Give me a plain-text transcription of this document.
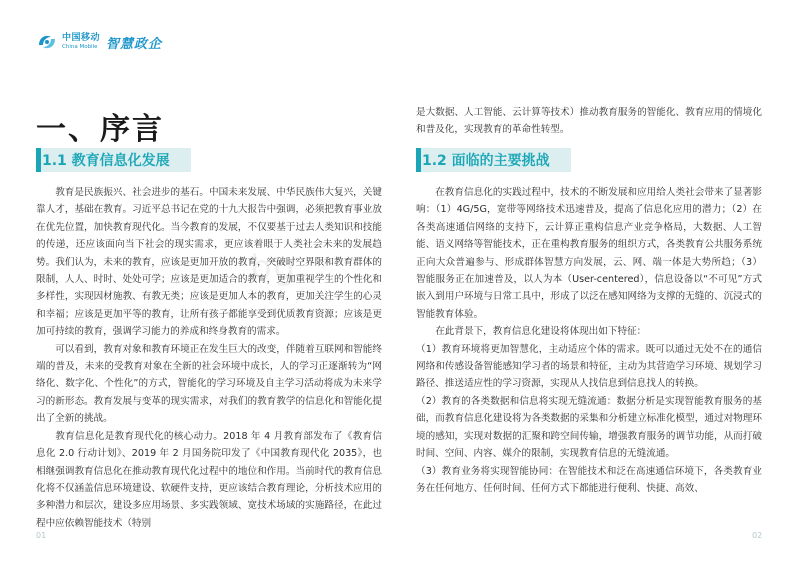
中国移动
China Mobile 智慧政企
bg
一、序言
1.1 教育信息化发展

教育是民族振兴、社会进步的基石。中国未来发展、中华民族伟大复兴，关键靠人才，基础在教育。习近平总书记在党的十九大报告中强调，必须把教育事业放在优先位置，加快教育现代化。当今教育的发展，不仅要基于过去人类知识和技能的传递，还应该面向当下社会的现实需求，更应该着眼于人类社会未来的发展趋势。我们认为，未来的教育，应该是更加开放的教育，突破时空界限和教育群体的限制，人人、时时、处处可学；应该是更加适合的教育，更加重视学生的个性化和多样性，实现因材施教、有教无类；应该是更加人本的教育，更加关注学生的心灵和幸福；应该是更加平等的教育，让所有孩子都能享受到优质教育资源；应该是更加可持续的教育，强调学习能力的养成和终身教育的需求。

可以看到，教育对象和教育环境正在发生巨大的改变，伴随着互联网和智能终端的普及，未来的受教育对象在全新的社会环境中成长，人的学习正逐渐转为“网络化、数字化、个性化”的方式，智能化的学习环境及自主学习活动将成为未来学习的新形态。教育发展与变革的现实需求，对我们的教育教学的信息化和智能化提出了全新的挑战。

教育信息化是教育现代化的核心动力。2018 年 4 月教育部发布了《教育信息化 2.0 行动计划》、2019 年 2 月国务院印发了《中国教育现代化 2035》，也相继强调教育信息化在推动教育现代化过程中的地位和作用。当前时代的教育信息化将不仅涵盖信息环境建设、软硬件支持，更应该结合教育理论，分析技术应用的多种潜力和层次，建设多应用场景、多实践领域、宽技术场域的实施路径，在此过程中应依赖智能技术（特别

01

是大数据、人工智能、云计算等技术）推动教育服务的智能化、教育应用的情境化和普及化，实现教育的革命性转型。

1.2 面临的主要挑战

在教育信息化的实践过程中，技术的不断发展和应用给人类社会带来了显著影响：（1）4G/5G，宽带等网络技术迅速普及，提高了信息化应用的潜力；（2）在各类高速通信网络的支持下，云计算正重构信息产业竞争格局，大数据、人工智能、语义网络等智能技术，正在重构教育服务的组织方式，各类教育公共服务系统正向大众普遍参与、形成群体智慧方向发展，云、网、端一体是大势所趋；（3）智能服务正在加速普及，以人为本（User-centered），信息设备以“不可见”方式嵌入到用户环境与日常工具中，形成了以泛在感知网络为支撑的无缝的、沉浸式的智能教育体验。

在此背景下，教育信息化建设将体现出如下特征：

（1）教育环境将更加智慧化，主动适应个体的需求。既可以通过无处不在的通信网络和传感设备智能感知学习者的场景和特征，主动为其营造学习环境、规划学习路径、推送适应性的学习资源，实现从人找信息到信息找人的转换。

（2）教育的各类数据和信息将实现无缝流通：数据分析是实现智能教育服务的基础，而教育信息化建设将为各类数据的采集和分析建立标准化模型，通过对物理环境的感知，实现对数据的汇聚和跨空间传输，增强教育服务的调节功能，从而打破时间、空间、内容、媒介的限制，实现教育信息的无缝流通。

（3）教育业务将实现智能协同：在智能技术和泛在高速通信环境下，各类教育业务在任何地方、任何时间、任何方式下都能进行便利、快捷、高效、

02
